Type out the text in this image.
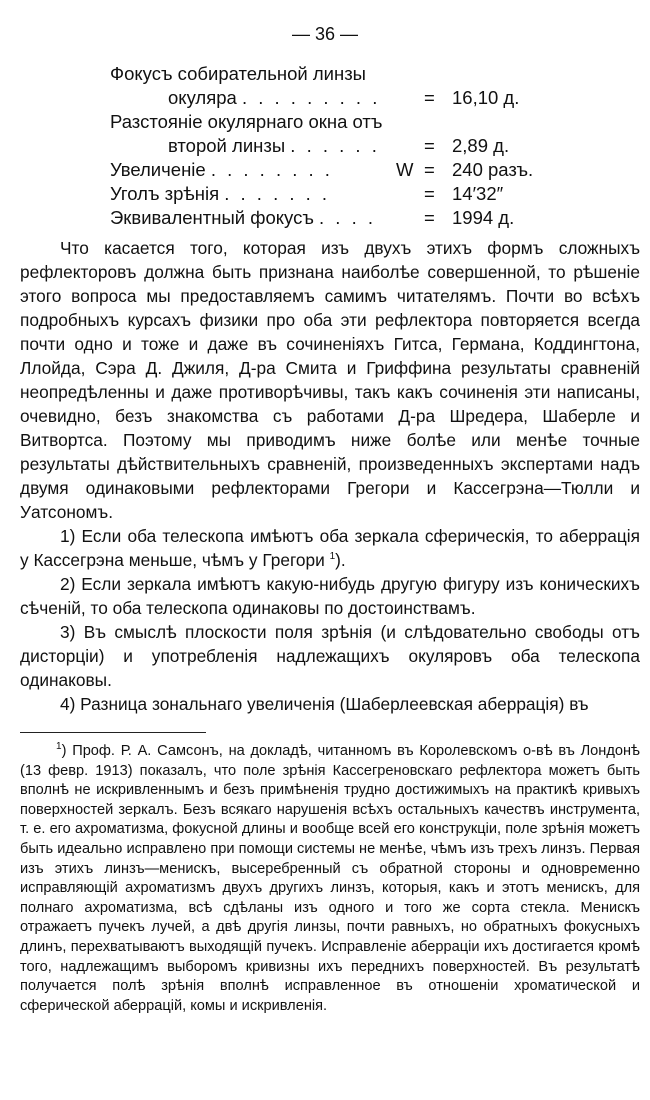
— 36 —
Фокусъ собирательной линзы
окуляра . . . . . . . . . = 16,10 д.
Разстояніе окулярнаго окна отъ
второй линзы . . . . . . = 2,89 д.
Увеличеніе . . . . . . . .	W = 240 разъ.
Уголъ зрѣнія . . . . . . .	= 14′32″
Эквивалентный фокусъ . . . .	= 1994 д.

Что касается того, которая изъ двухъ этихъ формъ сложныхъ рефлекторовъ должна быть признана наиболѣе совершенной, то рѣшеніе этого вопроса мы предоставляемъ самимъ читателямъ. Почти во всѣхъ подробныхъ курсахъ физики про оба эти рефлектора повторяется всегда почти одно и тоже и даже въ сочиненіяхъ Гитса, Германа, Коддингтона, Ллойда, Сэра Д. Джиля, Д-ра Смита и Гриффина результаты сравненій неопредѣленны и даже противорѣчивы, такъ какъ сочиненія эти написаны, очевидно, безъ знакомства съ работами Д-ра Шредера, Шаберле и Витвортса. Поэтому мы приводимъ ниже болѣе или менѣе точные результаты дѣйствительныхъ сравненій, произведенныхъ экспертами надъ двумя одинаковыми рефлекторами Грегори и Кассегрэна—Тюлли и Уатсономъ.

1) Если оба телескопа имѣютъ оба зеркала сферическія, то аберрація у Кассегрэна меньше, чѣмъ у Грегори $^1$).

2) Если зеркала имѣютъ какую-нибудь другую фигуру изъ коническихъ сѣченій, то оба телескопа одинаковы по достоинствамъ.

3) Въ смыслѣ плоскости поля зрѣнія (и слѣдовательно свободы отъ дисторціи) и употребленія надлежащихъ окуляровъ оба телескопа одинаковы.

4) Разница зональнаго увеличенія (Шаберлеевская аберрація) въ

$^1$) Проф. Р. А. Самсонъ, на докладѣ, читанномъ въ Королевскомъ о-вѣ въ Лондонѣ (13 февр. 1913) показалъ, что поле зрѣнія Кассегреновскаго рефлектора можетъ быть вполнѣ не искривленнымъ и безъ примѣненія трудно достижимыхъ на практикѣ кривыхъ поверхностей зеркалъ. Безъ всякаго нарушенія всѣхъ остальныхъ качествъ инструмента, т. е. его ахроматизма, фокусной длины и вообще всей его конструкціи, поле зрѣнія можетъ быть идеально исправлено при помощи системы не менѣе, чѣмъ изъ трехъ линзъ. Первая изъ этихъ линзъ—менискъ, высеребренный съ обратной стороны и одновременно исправляющій ахроматизмъ двухъ другихъ линзъ, которыя, какъ и этотъ менискъ, для полнаго ахроматизма, всѣ сдѣланы изъ одного и того же сорта стекла. Менискъ отражаетъ пучекъ лучей, а двѣ другія линзы, почти равныхъ, но обратныхъ фокусныхъ длинъ, перехватываютъ выходящій пучекъ. Исправленіе аберраціи ихъ достигается кромѣ того, надлежащимъ выборомъ кривизны ихъ переднихъ поверхностей. Въ результатѣ получается полѣ зрѣнія вполнѣ исправленное въ отношеніи хроматической и сферической аберрацій, комы и искривленія.
